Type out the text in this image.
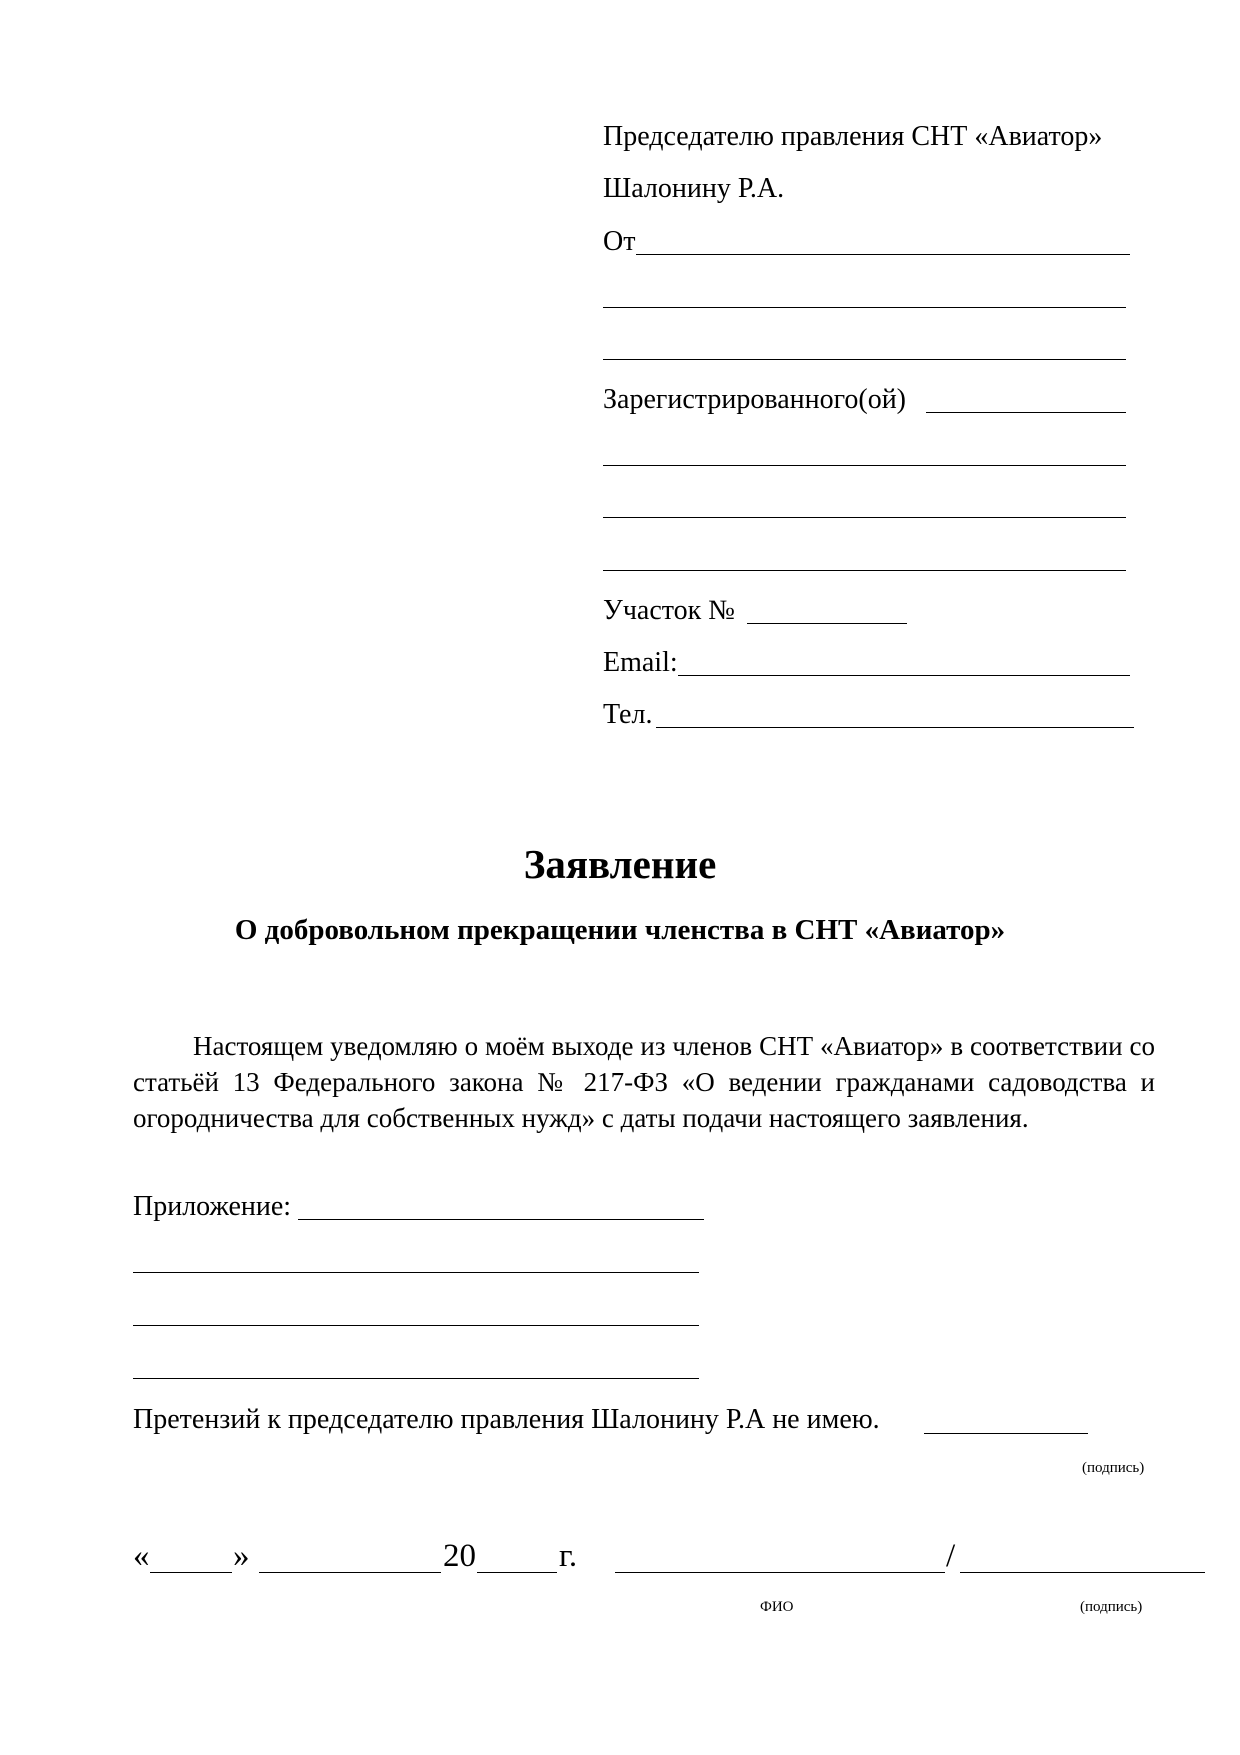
Председателю правления СНТ «Авиатор»
Шалонину Р.А.
От
Зарегистрированного(ой)
Участок №
Email:
Тел.
Заявление
О добровольном прекращении членства в СНТ «Авиатор»
Настоящем уведомляю о моём выходе из членов СНТ «Авиатор» в соответствии со статьёй 13 Федерального закона № 217-ФЗ «О ведении гражданами садоводства и огородничества для собственных нужд» с даты подачи настоящего заявления.
Приложение:
Претензий к председателю правления Шалонину Р.А не имею.
(подпись)
«	»	20	г.	/
ФИО	(подпись)
